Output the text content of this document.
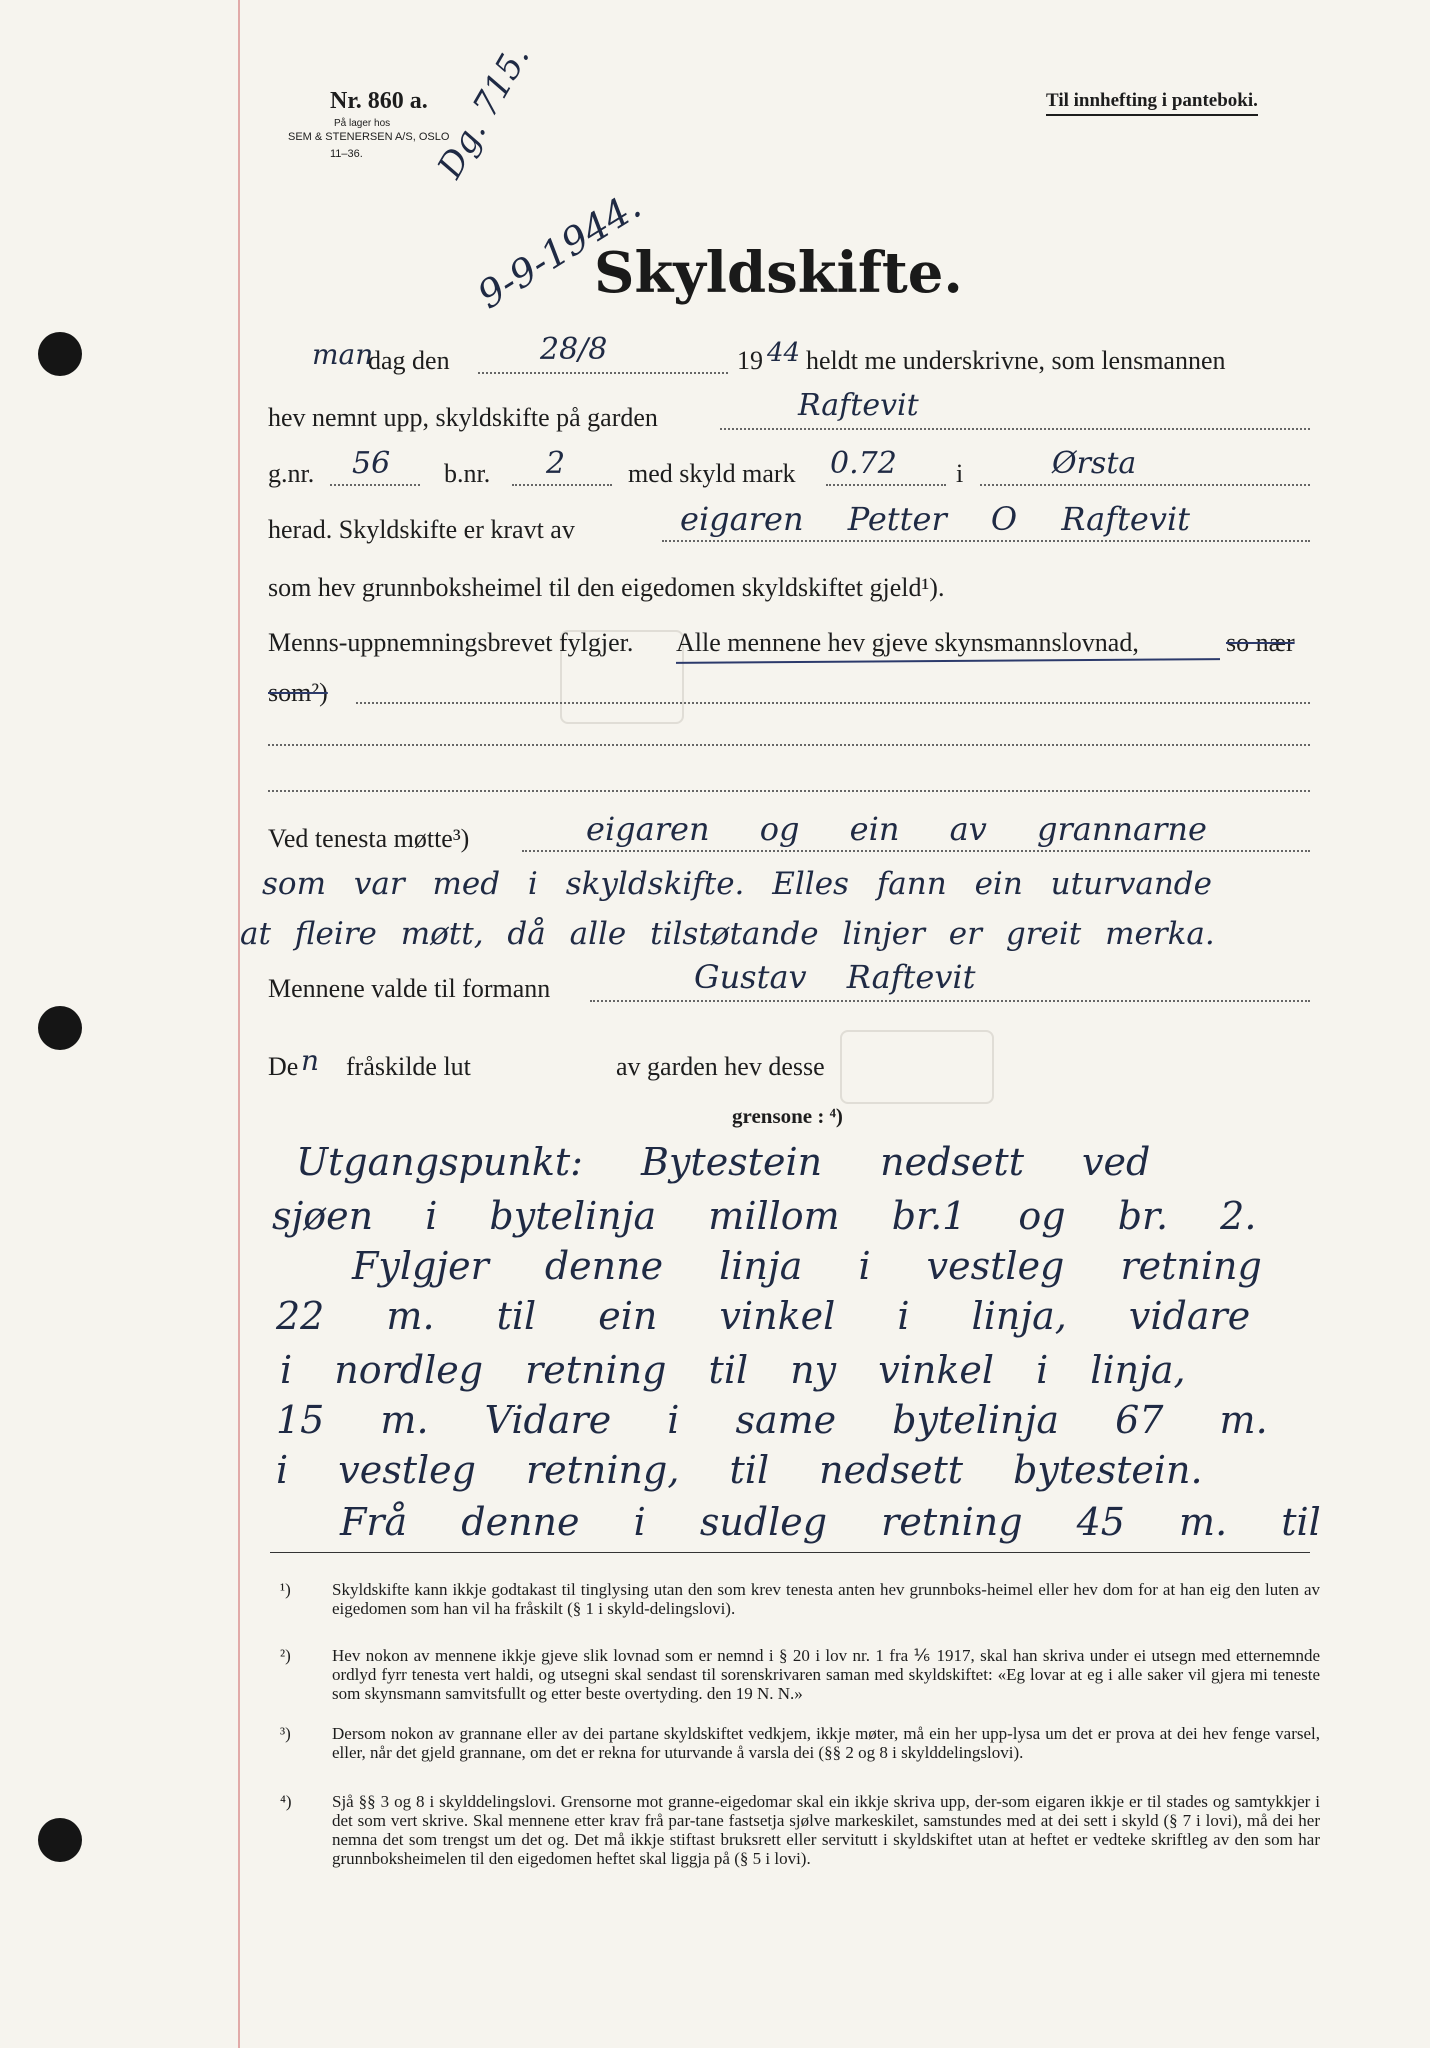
Nr. 860 a.
På lager hos
SEM & STENERSEN A/S, OSLO
11–36.
Til innhefting i panteboki.
Dg. 715.
9-9-1944.
Skyldskifte.
man
dag den	28/8	19 44 heldt me underskrivne, som lensmannen
hev nemnt upp, skyldskifte på garden	Raftevit
g.nr. 56 b.nr. 2 med skyld mark 0.72 i	Ørsta
herad. Skyldskifte er kravt av	eigaren Petter O Raftevit
som hev grunnboksheimel til den eigedomen skyldskiftet gjeld¹).
Menns-uppnemningsbrevet fylgjer. Alle mennene hev gjeve skynsmannslovnad,	so nær
som²)
Ved tenesta møtte³)	eigaren og ein av grannarne
som var med i skyldskifte. Elles fann ein uturvande
at fleire møtt, då alle tilstøtande linjer er greit merka.
Mennene valde til formann	Gustav Raftevit
De n fråskilde lut	av garden hev desse
grensone : ⁴)
Utgangspunkt: Bytestein nedsett ved
sjøen i bytelinja millom br.1 og br. 2.
Fylgjer denne linja i vestleg retning
22 m. til ein vinkel i linja, vidare
i nordleg retning til ny vinkel i linja,
15 m. Vidare i same bytelinja 67 m.
i vestleg retning, til nedsett bytestein.
Frå denne i sudleg retning 45 m. til
¹)	Skyldskifte kann ikkje godtakast til tinglysing utan den som krev tenesta anten hev grunnboks-heimel eller hev dom for at han eig den luten av eigedomen som han vil ha fråskilt (§ 1 i skyld-delingslovi).

²)	Hev nokon av mennene ikkje gjeve slik lovnad som er nemnd i § 20 i lov nr. 1 fra ⅙ 1917, skal han skriva under ei utsegn med etternemnde ordlyd fyrr tenesta vert haldi, og utsegni skal sendast til sorenskrivaren saman med skyldskiftet: «Eg lovar at eg i alle saker vil gjera mi teneste som skynsmann samvitsfullt og etter beste overtyding. den 19 N. N.»

³)	Dersom nokon av grannane eller av dei partane skyldskiftet vedkjem, ikkje møter, må ein her upp-lysa um det er prova at dei hev fenge varsel, eller, når det gjeld grannane, om det er rekna for uturvande å varsla dei (§§ 2 og 8 i skylddelingslovi).

⁴)	Sjå §§ 3 og 8 i skylddelingslovi. Grensorne mot granne-eigedomar skal ein ikkje skriva upp, der-som eigaren ikkje er til stades og samtykkjer i det som vert skrive. Skal mennene etter krav frå par-tane fastsetja sjølve markeskilet, samstundes med at dei sett i skyld (§ 7 i lovi), må dei her nemna det som trengst um det og. Det må ikkje stiftast bruksrett eller servitutt i skyldskiftet utan at heftet er vedteke skriftleg av den som har grunnboksheimelen til den eigedomen heftet skal liggja på (§ 5 i lovi).
